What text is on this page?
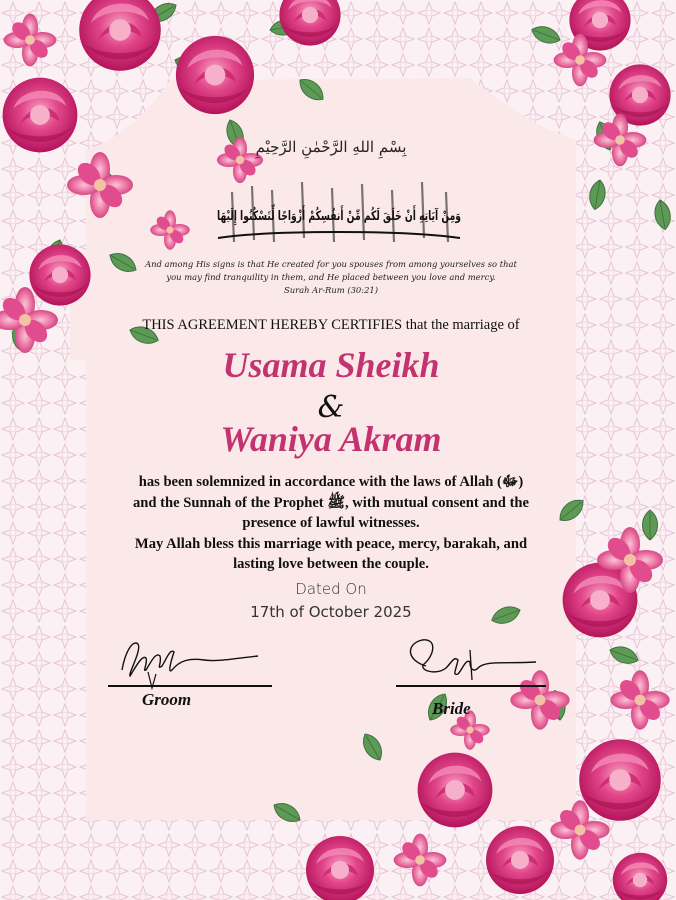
بِسْمِ اللهِ الرَّحْمٰنِ الرَّحِيْمِ
وَمِنْ آيَاتِهِ أَنْ خَلَقَ لَكُم مِّنْ أَنفُسِكُمْ أَزْوَاجًا لِّتَسْكُنُوا إِلَيْهَا
And among His signs is that He created for you spouses from among yourselves so that
you may find tranquility in them, and He placed between you love and mercy.
Surah Ar-Rum (30:21)
THIS AGREEMENT HEREBY CERTIFIES that the marriage of
Usama Sheikh
&
Waniya Akram
has been solemnized in accordance with the laws of Allah (ﷻ)
and the Sunnah of the Prophet ﷺ, with mutual consent and the
presence of lawful witnesses.
May Allah bless this marriage with peace, mercy, barakah, and
lasting love between the couple.
Dated On
17th of October 2025
Groom	Bride
